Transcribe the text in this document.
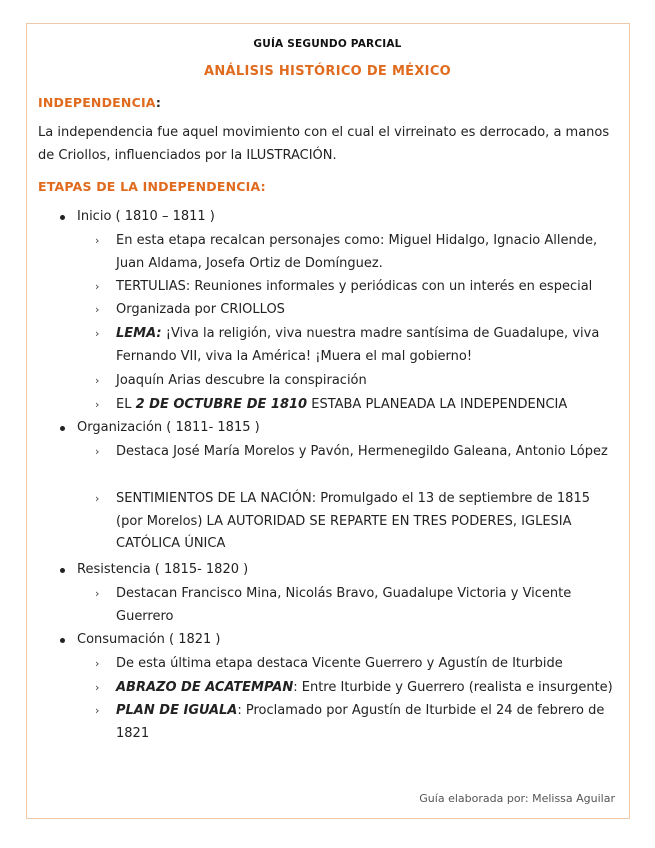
GUÍA SEGUNDO PARCIAL
ANÁLISIS HISTÓRICO DE MÉXICO
INDEPENDENCIA:
La independencia fue aquel movimiento con el cual el virreinato es derrocado, a manos de Criollos, influenciados por la ILUSTRACIÓN.
ETAPAS DE LA INDEPENDENCIA:
Inicio ( 1810 – 1811 )
› En esta etapa recalcan personajes como: Miguel Hidalgo, Ignacio Allende, Juan Aldama, Josefa Ortiz de Domínguez.
› TERTULIAS: Reuniones informales y periódicas con un interés en especial
› Organizada por CRIOLLOS
› LEMA: ¡Viva la religión, viva nuestra madre santísima de Guadalupe, viva Fernando VII, viva la América! ¡Muera el mal gobierno!
› Joaquín Arias descubre la conspiración
› EL 2 DE OCTUBRE DE 1810 ESTABA PLANEADA LA INDEPENDENCIA
Organización ( 1811- 1815 )
› Destaca José María Morelos y Pavón, Hermenegildo Galeana, Antonio López
› SENTIMIENTOS DE LA NACIÓN: Promulgado el 13 de septiembre de 1815 (por Morelos) LA AUTORIDAD SE REPARTE EN TRES PODERES, IGLESIA CATÓLICA ÚNICA
Resistencia ( 1815- 1820 )
› Destacan Francisco Mina, Nicolás Bravo, Guadalupe Victoria y Vicente Guerrero
Consumación ( 1821 )
› De esta última etapa destaca Vicente Guerrero y Agustín de Iturbide
› ABRAZO DE ACATEMPAN: Entre Iturbide y Guerrero (realista e insurgente)
› PLAN DE IGUALA: Proclamado por Agustín de Iturbide el 24 de febrero de 1821
Guía elaborada por: Melissa Aguilar
